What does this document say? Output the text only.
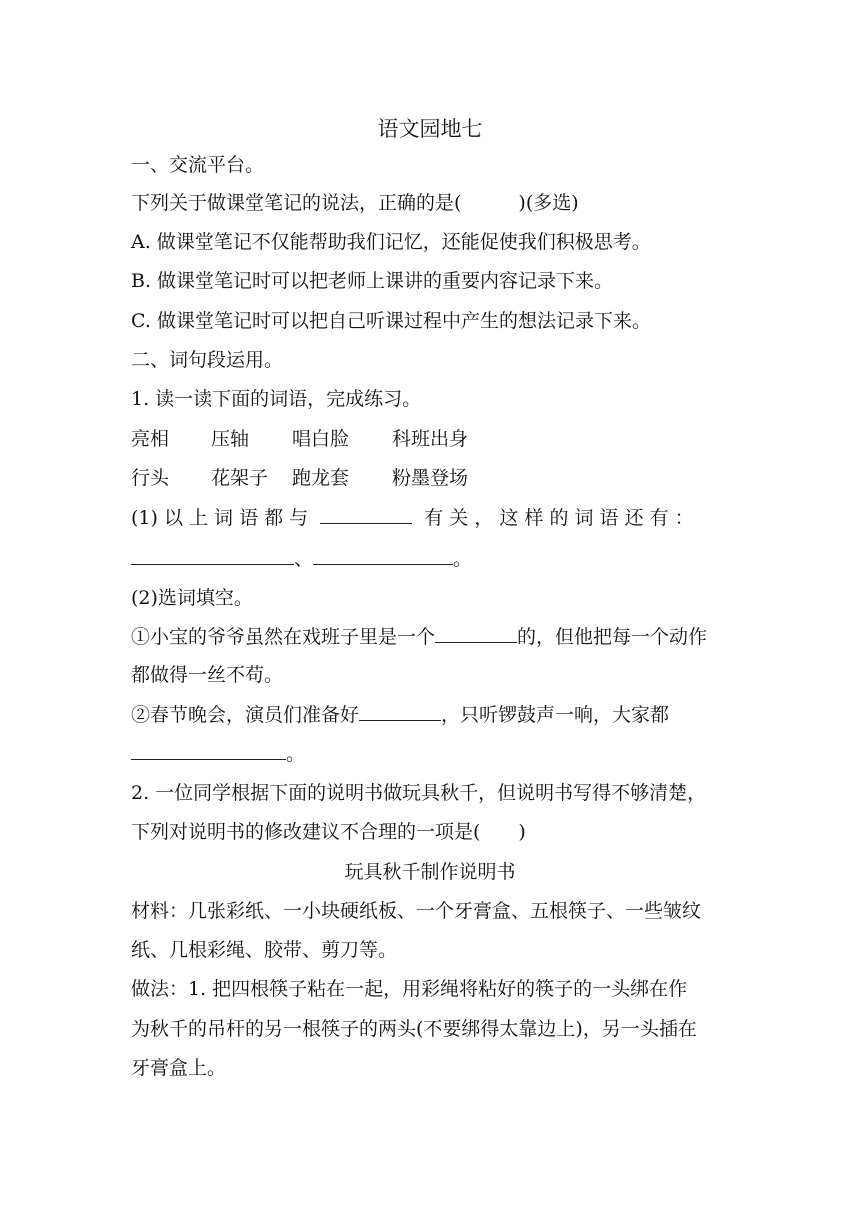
语文园地七
一、交流平台。
下列关于做课堂笔记的说法，正确的是(　　　)(多选)
A. 做课堂笔记不仅能帮助我们记忆，还能促使我们积极思考。
B. 做课堂笔记时可以把老师上课讲的重要内容记录下来。
C. 做课堂笔记时可以把自己听课过程中产生的想法记录下来。
二、词句段运用。
1. 读一读下面的词语，完成练习。
亮相 压轴 唱白脸 科班出身
行头 花架子 跑龙套 粉墨登场
(1) 以 上 词 语 都 与	有 关 ， 这 样 的 词 语 还 有 ：
、	。
(2)选词填空。
①小宝的爷爷虽然在戏班子里是一个	的，但他把每一个动作
都做得一丝不苟。
②春节晚会，演员们准备好	，只听锣鼓声一响，大家都
。
2. 一位同学根据下面的说明书做玩具秋千，但说明书写得不够清楚，
下列对说明书的修改建议不合理的一项是(　　)
玩具秋千制作说明书
材料：几张彩纸、一小块硬纸板、一个牙膏盒、五根筷子、一些皱纹
纸、几根彩绳、胶带、剪刀等。
做法：1. 把四根筷子粘在一起，用彩绳将粘好的筷子的一头绑在作
为秋千的吊杆的另一根筷子的两头(不要绑得太靠边上)，另一头插在
牙膏盒上。
